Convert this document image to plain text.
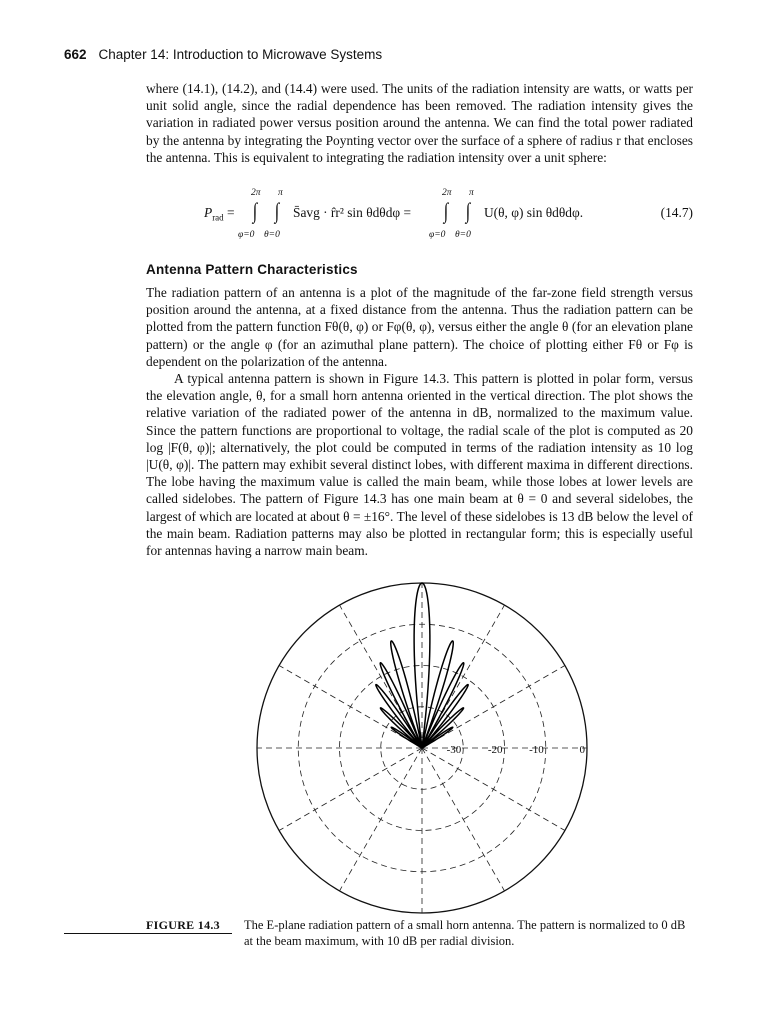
662 Chapter 14: Introduction to Microwave Systems

where (14.1), (14.2), and (14.4) were used. The units of the radiation intensity are watts, or watts per unit solid angle, since the radial dependence has been removed. The radiation intensity gives the variation in radiated power versus position around the antenna. We can find the total power radiated by the antenna by integrating the Poynting vector over the surface of a sphere of radius r that encloses the antenna. This is equivalent to integrating the radiation intensity over a unit sphere:

$P_{rad}$ =
2π π
∫ ∫
φ=0 θ=0
S̄avg · r̂r² sin θdθdφ =
2π π
∫ ∫
φ=0 θ=0
U(θ, φ) sin θdθdφ.	(14.7)
Antenna Pattern Characteristics

The radiation pattern of an antenna is a plot of the magnitude of the far-zone field strength versus position around the antenna, at a fixed distance from the antenna. Thus the radiation pattern can be plotted from the pattern function Fθ(θ, φ) or Fφ(θ, φ), versus either the angle θ (for an elevation plane pattern) or the angle φ (for an azimuthal plane pattern). The choice of plotting either Fθ or Fφ is dependent on the polarization of the antenna.

A typical antenna pattern is shown in Figure 14.3. This pattern is plotted in polar form, versus the elevation angle, θ, for a small horn antenna oriented in the vertical direction. The plot shows the relative variation of the radiated power of the antenna in dB, normalized to the maximum value. Since the pattern functions are proportional to voltage, the radial scale of the plot is computed as 20 log |F(θ, φ)|; alternatively, the plot could be computed in terms of the radiation intensity as 10 log |U(θ, φ)|. The pattern may exhibit several distinct lobes, with different maxima in different directions. The lobe having the maximum value is called the main beam, while those lobes at lower levels are called sidelobes. The pattern of Figure 14.3 has one main beam at θ = 0 and several sidelobes, the largest of which are located at about θ = ±16°. The level of these sidelobes is 13 dB below the level of the main beam. Radiation patterns may also be plotted in rectangular form; this is especially useful for antennas having a narrow main beam.

-30 -20 -10	0
FIGURE 14.3 The E-plane radiation pattern of a small horn antenna. The pattern is normalized to 0 dB at the beam maximum, with 10 dB per radial division.
